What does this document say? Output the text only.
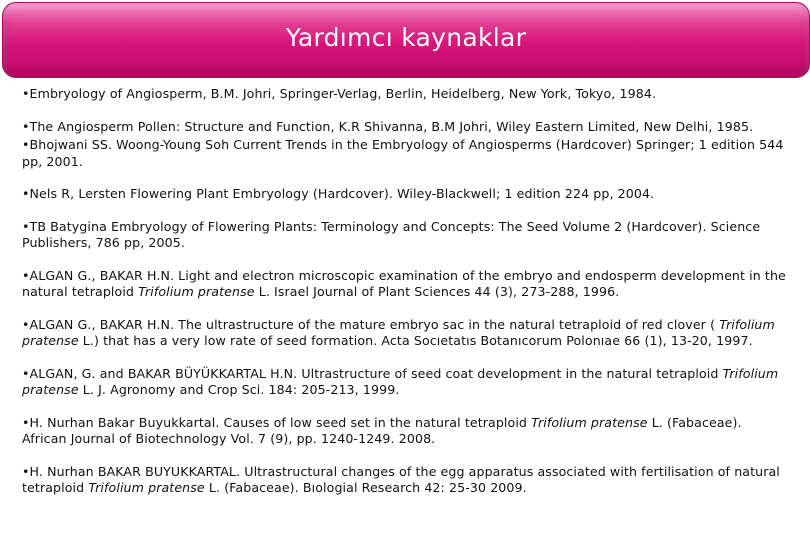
Yardımcı kaynaklar

•Embryology of Angiosperm, B.M. Johri, Springer-Verlag, Berlin, Heidelberg, New York, Tokyo, 1984.

•The Angiosperm Pollen: Structure and Function, K.R Shivanna, B.M Johri, Wiley Eastern Limited, New Delhi, 1985.

•Bhojwani SS. Woong-Young Soh Current Trends in the Embryology of Angiosperms (Hardcover) Springer; 1 edition 544 pp, 2001.

•Nels R, Lersten Flowering Plant Embryology (Hardcover). Wiley-Blackwell; 1 edition 224 pp, 2004.

•TB Batygina Embryology of Flowering Plants: Terminology and Concepts: The Seed Volume 2 (Hardcover). Science Publishers, 786 pp, 2005.

•ALGAN G., BAKAR H.N. Light and electron microscopic examination of the embryo and endosperm development in the natural tetraploid Trifolium pratense L. Israel Journal of Plant Sciences 44 (3), 273-288, 1996.

•ALGAN G., BAKAR H.N. The ultrastructure of the mature embryo sac in the natural tetraploid of red clover ( Trifolium pratense L.) that has a very low rate of seed formation. Acta Socıetatıs Botanıcorum Polonıae 66 (1), 13-20, 1997.

•ALGAN, G. and BAKAR BÜYÜKKARTAL H.N. Ultrastructure of seed coat development in the natural tetraploid Trifolium pratense L. J. Agronomy and Crop Sci. 184: 205-213, 1999.

•H. Nurhan Bakar Buyukkartal. Causes of low seed set in the natural tetraploid Trifolium pratense L. (Fabaceae). African Journal of Biotechnology Vol. 7 (9), pp. 1240-1249. 2008.

•H. Nurhan BAKAR BUYUKKARTAL. Ultrastructural changes of the egg apparatus associated with fertilisation of natural tetraploid Trifolium pratense L. (Fabaceae). Bıologial Research 42: 25-30 2009.
